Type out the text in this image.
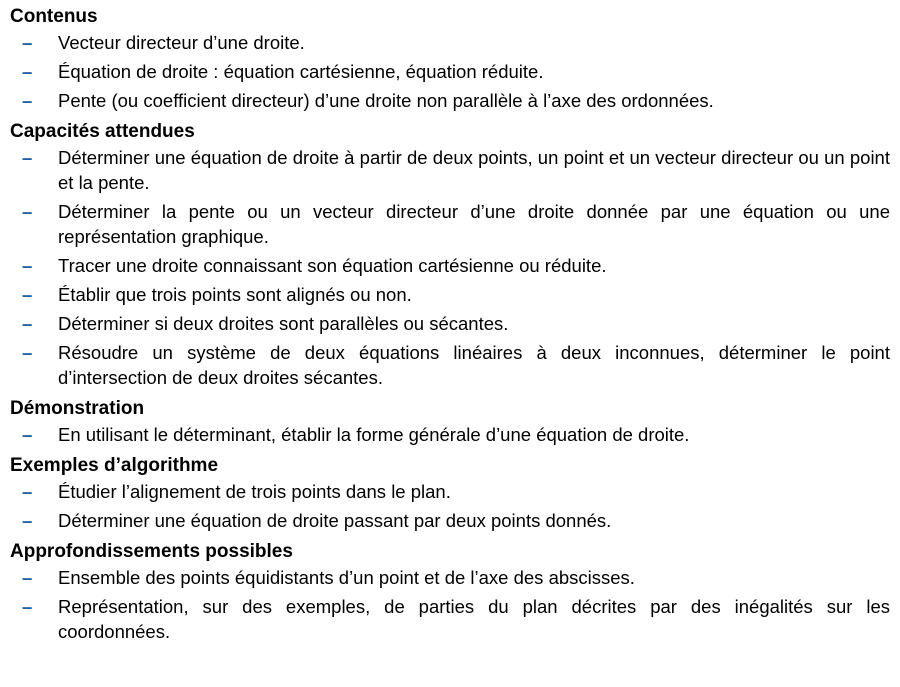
Contenus
–	Vecteur directeur d’une droite.
–	Équation de droite : équation cartésienne, équation réduite.
–	Pente (ou coefficient directeur) d’une droite non parallèle à l’axe des ordonnées.
Capacités attendues
–	Déterminer une équation de droite à partir de deux points, un point et un vecteur directeur ou un point et la pente.
–	Déterminer la pente ou un vecteur directeur d’une droite donnée par une équation ou une représentation graphique.
–	Tracer une droite connaissant son équation cartésienne ou réduite.
–	Établir que trois points sont alignés ou non.
–	Déterminer si deux droites sont parallèles ou sécantes.
–	Résoudre un système de deux équations linéaires à deux inconnues, déterminer le point d’intersection de deux droites sécantes.
Démonstration
–	En utilisant le déterminant, établir la forme générale d’une équation de droite.
Exemples d’algorithme
–	Étudier l’alignement de trois points dans le plan.
–	Déterminer une équation de droite passant par deux points donnés.
Approfondissements possibles
–	Ensemble des points équidistants d’un point et de l’axe des abscisses.
–	Représentation, sur des exemples, de parties du plan décrites par des inégalités sur les coordonnées.
